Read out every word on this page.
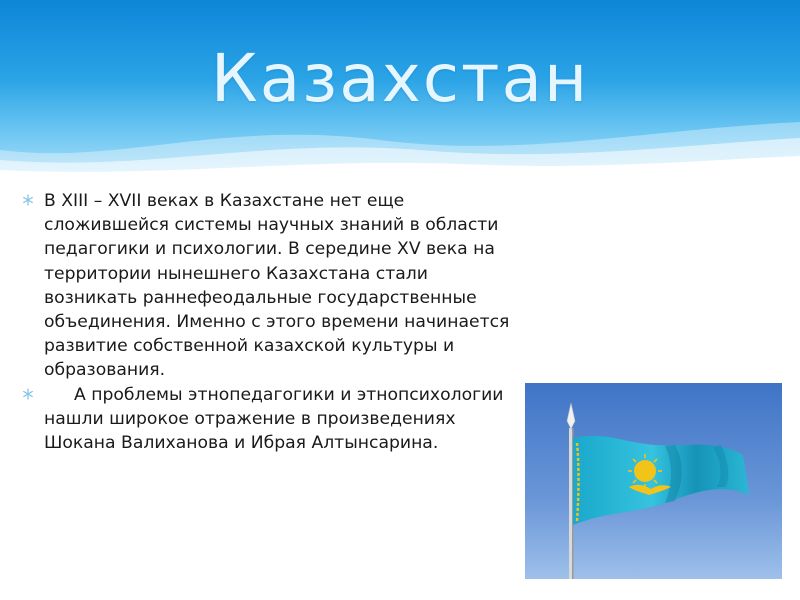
Казахстан
В XIII – XVII веках в Казахстане нет еще сложившейся системы научных знаний в области педагогики и психологии. В середине XV века на территории нынешнего Казахстана стали возникать раннефеодальные государственные объединения. Именно с этого времени начинается развитие собственной казахской культуры и образования.
А проблемы этнопедагогики и этнопсихологии нашли широкое отражение в произведениях Шокана Валиханова и Ибрая Алтынсарина.
